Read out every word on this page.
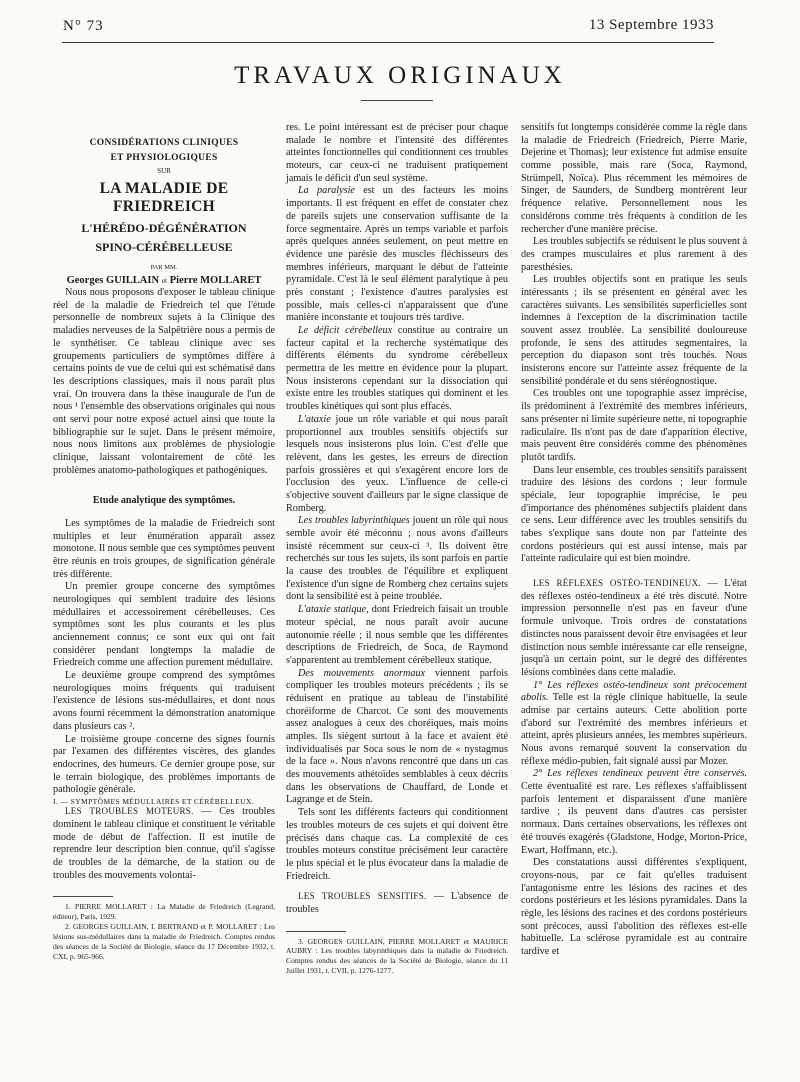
N° 73	13 Septembre 1933
TRAVAUX ORIGINAUX
CONSIDÉRATIONS CLINIQUES
ET PHYSIOLOGIQUES
SUR
LA MALADIE DE FRIEDREICH
L'HÉRÉDO-DÉGÉNÉRATION
SPINO-CÉRÉBELLEUSE
PAR MM.
Georges GUILLAIN et Pierre MOLLARET

Nous nous proposons d'exposer le tableau clinique réel de la maladie de Friedreich tel que l'étude personnelle de nombreux sujets à la Clinique des maladies nerveuses de la Salpêtrière nous a permis de le synthétiser. Ce tableau clinique avec ses groupements particuliers de symptômes diffère à certains points de vue de celui qui est schématisé dans les descriptions classiques, mais il nous paraît plus vrai. On trouvera dans la thèse inaugurale de l'un de nous ¹ l'ensemble des observations originales qui nous ont servi pour notre exposé actuel ainsi que toute la bibliographie sur le sujet. Dans le présent mémoire, nous nous limitons aux problèmes de physiologie clinique, laissant volontairement de côté les problèmes anatomo-pathologiques et pathogéniques.

Etude analytique des symptômes.

Les symptômes de la maladie de Friedreich sont multiples et leur énumération apparaît assez monotone. Il nous semble que ces symptômes peuvent être réunis en trois groupes, de signification générale très différente.

Un premier groupe concerne des symptômes neurologiques qui semblent traduire des lésions médullaires et accessoirement cérébelleuses. Ces symptômes sont les plus courants et les plus anciennement connus; ce sont eux qui ont fait considérer pendant longtemps la maladie de Friedreich comme une affection purement médullaire.

Le deuxième groupe comprend des symptômes neurologiques moins fréquents qui traduisent l'existence de lésions sus-médullaires, et dont nous avons fourni récemment la démonstration anatomique dans plusieurs cas ².

Le troisième groupe concerne des signes fournis par l'examen des différentes viscères, des glandes endocrines, des humeurs. Ce dernier groupe pose, sur le terrain biologique, des problèmes importants de pathologie générale.

I. — SYMPTÔMES MÉDULLAIRES ET CÉRÉBELLEUX.

LES TROUBLES MOTEURS. — Ces troubles dominent le tableau clinique et constituent le véritable mode de début de l'affection. Il est inutile de reprendre leur description bien connue, qu'il s'agisse de troubles de la démarche, de la station ou de troubles des mouvements volontai-

1. PIERRE MOLLARET : La Maladie de Friedreich (Legrand, éditeur), Paris, 1929.

2. GEORGES GUILLAIN, I. BERTRAND et P. MOLLARET : Les lésions sus-médullaires dans la maladie de Friedreich. Comptes rendus des séances de la Société de Biologie, séance du 17 Décembre 1932, t. CXI, p. 965-966.

res. Le point intéressant est de préciser pour chaque malade le nombre et l'intensité des différentes atteintes fonctionnelles qui conditionnent ces troubles moteurs, car ceux-ci ne traduisent pratiquement jamais le déficit d'un seul système.

La paralysie est un des facteurs les moins importants. Il est fréquent en effet de constater chez de pareils sujets une conservation suffisante de la force segmentaire. Après un temps variable et parfois après quelques années seulement, on peut mettre en évidence une parésie des muscles fléchisseurs des membres inférieurs, marquant le début de l'atteinte pyramidale. C'est là le seul élément paralytique à peu près constant ; l'existence d'autres paralysies est possible, mais celles-ci n'apparaissent que d'une manière inconstante et toujours très tardive.

Le déficit cérébelleux constitue au contraire un facteur capital et la recherche systématique des différents éléments du syndrome cérébelleux permettra de les mettre en évidence pour la plupart. Nous insisterons cependant sur la dissociation qui existe entre les troubles statiques qui dominent et les troubles kinétiques qui sont plus effacés.

L'ataxie joue un rôle variable et qui nous paraît proportionnel aux troubles sensitifs objectifs sur lesquels nous insisterons plus loin. C'est d'elle que relèvent, dans les gestes, les erreurs de direction parfois grossières et qui s'exagèrent encore lors de l'occlusion des yeux. L'influence de celle-ci s'objective souvent d'ailleurs par le signe classique de Romberg.

Les troubles labyrinthiques jouent un rôle qui nous semble avoir été méconnu ; nous avons d'ailleurs insisté récemment sur ceux-ci ³. Ils doivent être recherchés sur tous les sujets, ils sont parfois en partie la cause des troubles de l'équilibre et expliquent l'existence d'un signe de Romberg chez certains sujets dont la sensibilité est à peine troublée.

L'ataxie statique, dont Friedreich faisait un trouble moteur spécial, ne nous paraît avoir aucune autonomie réelle ; il nous semble que les différentes descriptions de Friedreich, de Soca, de Raymond s'apparentent au tremblement cérébelleux statique.

Des mouvements anormaux viennent parfois compliquer les troubles moteurs précédents ; ils se réduisent en pratique au tableau de l'instabilité choréiforme de Charcot. Ce sont des mouvements assez analogues à ceux des choréiques, mais moins amples. Ils siègent surtout à la face et avaient été individualisés par Soca sous le nom de « nystagmus de la face ». Nous n'avons rencontré que dans un cas des mouvements athétoïdes semblables à ceux décrits dans les observations de Chauffard, de Londe et Lagrange et de Stein.

Tels sont les différents facteurs qui conditionnent les troubles moteurs de ces sujets et qui doivent être précisés dans chaque cas. La complexité de ces troubles moteurs constitue précisément leur caractère le plus spécial et le plus évocateur dans la maladie de Friedreich.

LES TROUBLES SENSITIFS. — L'absence de troubles

3. GEORGES GUILLAIN, PIERRE MOLLARET et MAURICE AUBRY : Les troubles labyrinthiques dans la maladie de Friedreich. Comptes rendus des séances de la Société de Biologie, séance du 11 Juillet 1931, t. CVII, p. 1276-1277.

sensitifs fut longtemps considérée comme la règle dans la maladie de Friedreich (Friedreich, Pierre Marie, Dejerine et Thomas); leur existence fut admise ensuite comme possible, mais rare (Soca, Raymond, Strümpell, Noïca). Plus récemment les mémoires de Singer, de Saunders, de Sundberg montrèrent leur fréquence relative. Personnellement nous les considérons comme très fréquents à condition de les rechercher d'une manière précise.

Les troubles subjectifs se réduisent le plus souvent à des crampes musculaires et plus rarement à des paresthésies.

Les troubles objectifs sont en pratique les seuls intéressants ; ils se présentent en général avec les caractères suivants. Les sensibilités superficielles sont indemnes à l'exception de la discrimination tactile souvent assez troublée. La sensibilité douloureuse profonde, le sens des attitudes segmentaires, la perception du diapason sont très touchés. Nous insisterons encore sur l'atteinte assez fréquente de la sensibilité pondérale et du sens stéréognostique.

Ces troubles ont une topographie assez imprécise, ils prédominent à l'extrémité des membres inférieurs, sans présenter ni limite supérieure nette, ni topographie radiculaire. Ils n'ont pas de date d'apparition élective, mais peuvent être considérés comme des phénomènes plutôt tardifs.

Dans leur ensemble, ces troubles sensitifs paraissent traduire des lésions des cordons ; leur formule spéciale, leur topographie imprécise, le peu d'importance des phénomènes subjectifs plaident dans ce sens. Leur différence avec les troubles sensitifs du tabes s'explique sans doute non par l'atteinte des cordons postérieurs qui est aussi intense, mais par l'atteinte radiculaire qui est bien moindre.

LES RÉFLEXES OSTÉO-TENDINEUX. — L'état des réflexes ostéo-tendineux a été très discuté. Notre impression personnelle n'est pas en faveur d'une formule univoque. Trois ordres de constatations distinctes nous paraissent devoir être envisagées et leur distinction nous semble intéressante car elle renseigne, jusqu'à un certain point, sur le degré des différentes lésions combinées dans cette maladie.

1° Les réflexes ostéo-tendineux sont précocement abolis. Telle est la règle clinique habituelle, la seule admise par certains auteurs. Cette abolition porte d'abord sur l'extrémité des membres inférieurs et atteint, après plusieurs années, les membres supérieurs. Nous avons remarqué souvent la conservation du réflexe médio-pubien, fait signalé aussi par Mozer.

2° Les réflexes tendineux peuvent être conservés. Cette éventualité est rare. Les réflexes s'affaiblissent parfois lentement et disparaissent d'une manière tardive ; ils peuvent dans d'autres cas persister normaux. Dans certaines observations, les réflexes ont été trouvés exagérés (Gladstone, Hodge, Morton-Price, Ewart, Hoffmann, etc.).

Des constatations aussi différentes s'expliquent, croyons-nous, par ce fait qu'elles traduisent l'antagonisme entre les lésions des racines et des cordons postérieurs et les lésions pyramidales. Dans la règle, les lésions des racines et des cordons postérieurs sont précoces, aussi l'abolition des réflexes est-elle habituelle. La sclérose pyramidale est au contraire tardive et
